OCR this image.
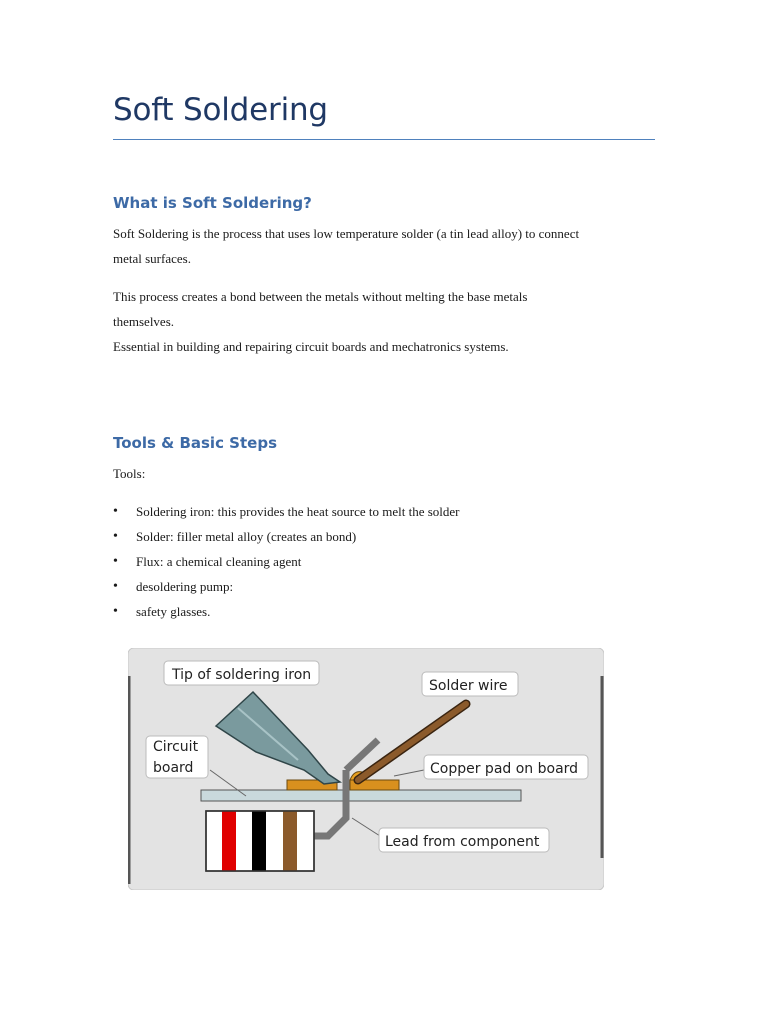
Soft Soldering
What is Soft Soldering?

Soft Soldering is the process that uses low temperature solder (a tin lead alloy) to connect

metal surfaces.

This process creates a bond between the metals without melting the base metals

themselves.

Essential in building and repairing circuit boards and mechatronics systems.

Tools & Basic Steps

Tools:

• Soldering iron: this provides the heat source to melt the solder
• Solder: filler metal alloy (creates an bond)
• Flux: a chemical cleaning agent
• desoldering pump:
• safety glasses.
Tip of soldering iron
Solder wire
Circuit
board	Copper pad on board
Lead from component
